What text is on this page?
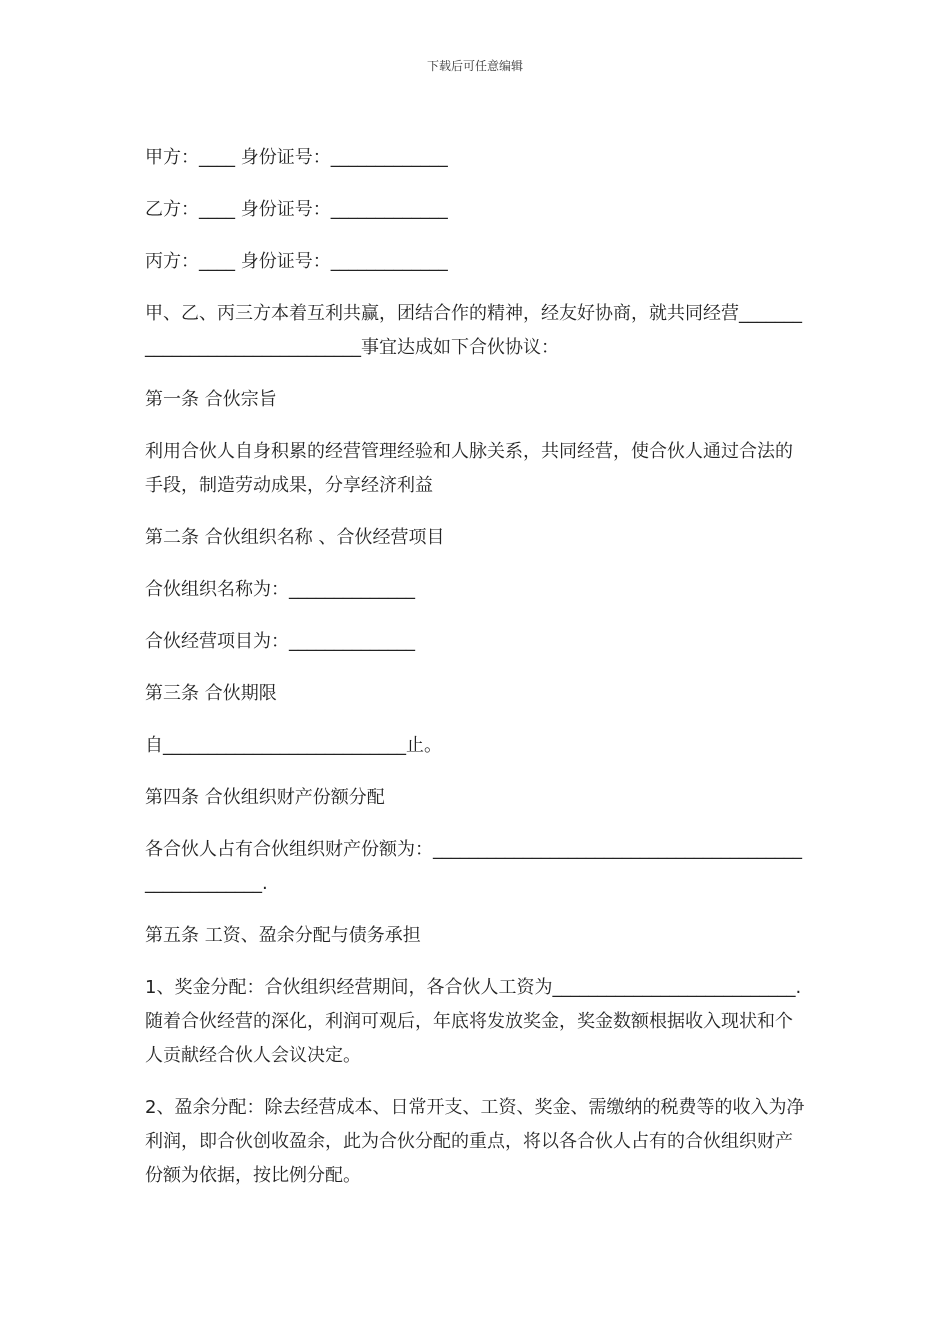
下载后可任意编辑

甲方：____ 身份证号：_____________

乙方：____ 身份证号：_____________

丙方：____ 身份证号：_____________

甲、乙、丙三方本着互利共赢，团结合作的精神，经友好协商，就共同经营_______________________________事宜达成如下合伙协议：

第一条 合伙宗旨

利用合伙人自身积累的经营管理经验和人脉关系，共同经营，使合伙人通过合法的手段，制造劳动成果，分享经济利益

第二条 合伙组织名称 、合伙经营项目

合伙组织名称为：______________

合伙经营项目为：______________

第三条 合伙期限

自___________________________止。

第四条 合伙组织财产份额分配

各合伙人占有合伙组织财产份额为：______________________________________________________.

第五条 工资、盈余分配与债务承担

1、奖金分配：合伙组织经营期间，各合伙人工资为___________________________.随着合伙经营的深化，利润可观后，年底将发放奖金，奖金数额根据收入现状和个人贡献经合伙人会议决定。

2、盈余分配：除去经营成本、日常开支、工资、奖金、需缴纳的税费等的收入为净利润，即合伙创收盈余，此为合伙分配的重点，将以各合伙人占有的合伙组织财产份额为依据，按比例分配。
